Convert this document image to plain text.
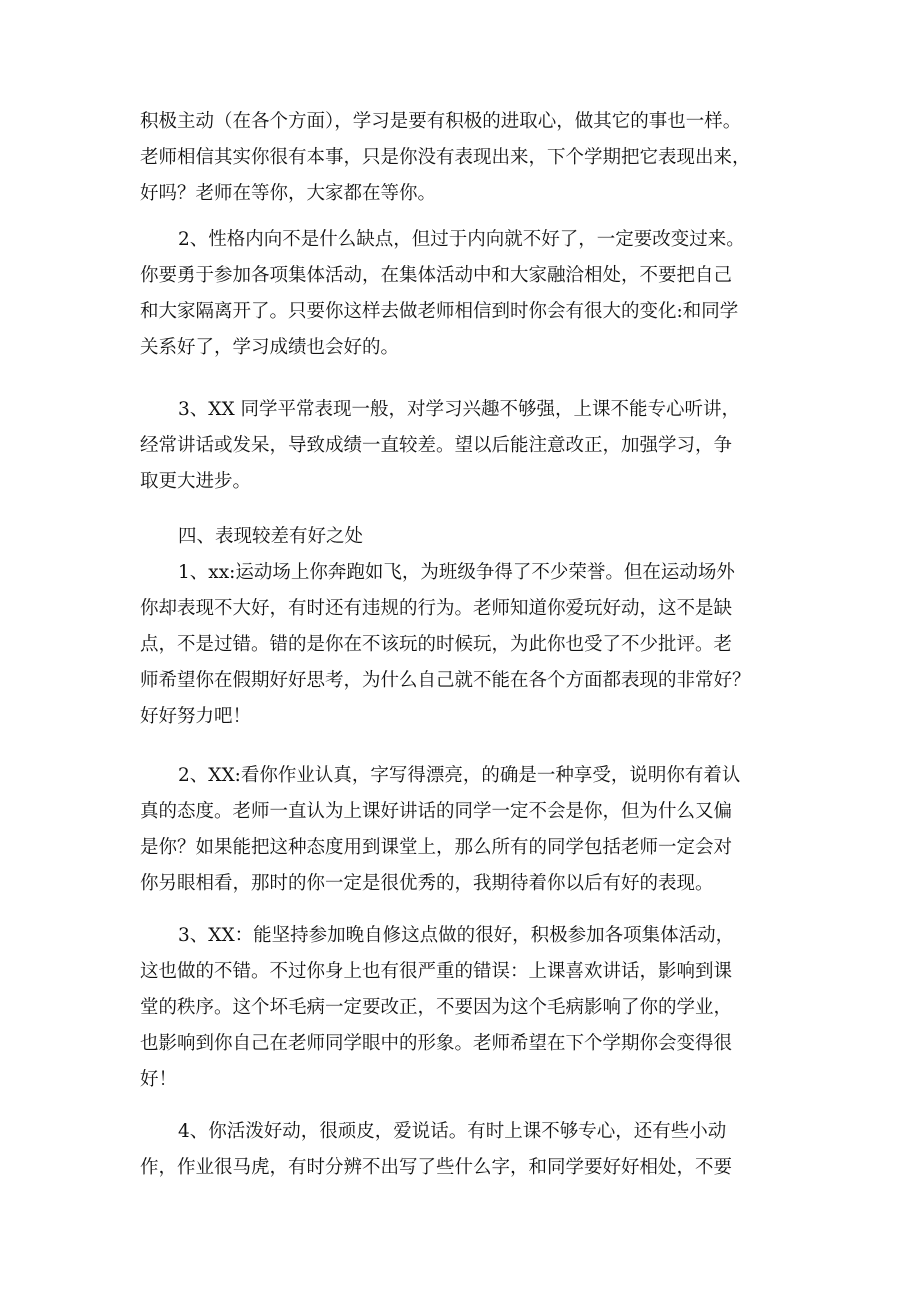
积极主动（在各个方面），学习是要有积极的进取心，做其它的事也一样。
老师相信其实你很有本事，只是你没有表现出来，下个学期把它表现出来，
好吗？老师在等你，大家都在等你。
2、性格内向不是什么缺点，但过于内向就不好了，一定要改变过来。
你要勇于参加各项集体活动，在集体活动中和大家融洽相处，不要把自己
和大家隔离开了。只要你这样去做老师相信到时你会有很大的变化:和同学
关系好了，学习成绩也会好的。
3、XX 同学平常表现一般，对学习兴趣不够强，上课不能专心听讲，
经常讲话或发呆，导致成绩一直较差。望以后能注意改正，加强学习，争
取更大进步。
四、表现较差有好之处
1、xx:运动场上你奔跑如飞，为班级争得了不少荣誉。但在运动场外
你却表现不大好，有时还有违规的行为。老师知道你爱玩好动，这不是缺
点，不是过错。错的是你在不该玩的时候玩，为此你也受了不少批评。老
师希望你在假期好好思考，为什么自己就不能在各个方面都表现的非常好？
好好努力吧！
2、XX:看你作业认真，字写得漂亮，的确是一种享受，说明你有着认
真的态度。老师一直认为上课好讲话的同学一定不会是你，但为什么又偏
是你？如果能把这种态度用到课堂上，那么所有的同学包括老师一定会对
你另眼相看，那时的你一定是很优秀的，我期待着你以后有好的表现。
3、XX：能坚持参加晚自修这点做的很好，积极参加各项集体活动，
这也做的不错。不过你身上也有很严重的错误：上课喜欢讲话，影响到课
堂的秩序。这个坏毛病一定要改正，不要因为这个毛病影响了你的学业，
也影响到你自己在老师同学眼中的形象。老师希望在下个学期你会变得很
好！
4、你活泼好动，很顽皮，爱说话。有时上课不够专心，还有些小动
作，作业很马虎，有时分辨不出写了些什么字，和同学要好好相处，不要
